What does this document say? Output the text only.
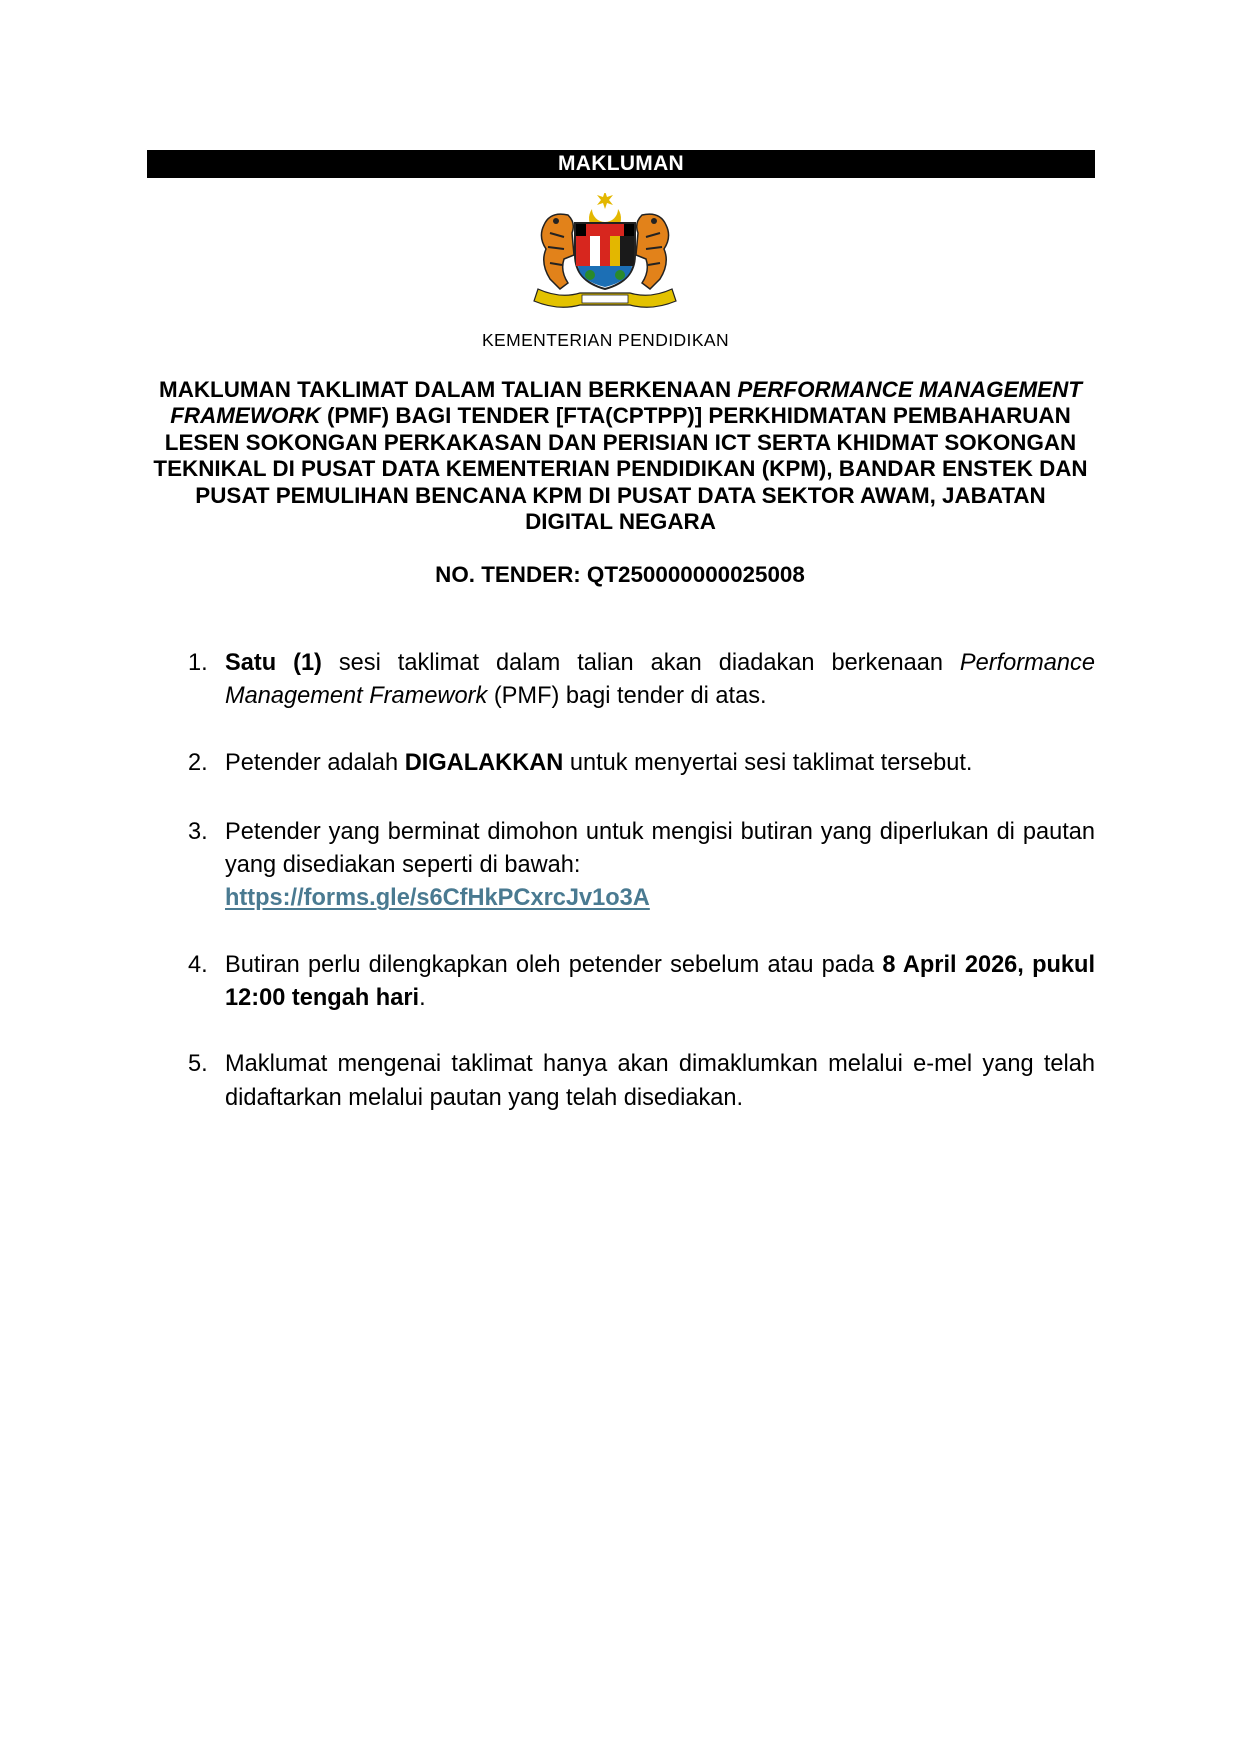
MAKLUMAN
KEMENTERIAN PENDIDIKAN
MAKLUMAN TAKLIMAT DALAM TALIAN BERKENAAN PERFORMANCE MANAGEMENT FRAMEWORK (PMF) BAGI TENDER [FTA(CPTPP)] PERKHIDMATAN PEMBAHARUAN LESEN SOKONGAN PERKAKASAN DAN PERISIAN ICT SERTA KHIDMAT SOKONGAN TEKNIKAL DI PUSAT DATA KEMENTERIAN PENDIDIKAN (KPM), BANDAR ENSTEK DAN PUSAT PEMULIHAN BENCANA KPM DI PUSAT DATA SEKTOR AWAM, JABATAN DIGITAL NEGARA
NO. TENDER: QT250000000025008
1. Satu (1) sesi taklimat dalam talian akan diadakan berkenaan Performance Management Framework (PMF) bagi tender di atas.
2. Petender adalah DIGALAKKAN untuk menyertai sesi taklimat tersebut.
3. Petender yang berminat dimohon untuk mengisi butiran yang diperlukan di pautan yang disediakan seperti di bawah:
https://forms.gle/s6CfHkPCxrcJv1o3A
4. Butiran perlu dilengkapkan oleh petender sebelum atau pada 8 April 2026, pukul 12:00 tengah hari.
5. Maklumat mengenai taklimat hanya akan dimaklumkan melalui e-mel yang telah didaftarkan melalui pautan yang telah disediakan.
